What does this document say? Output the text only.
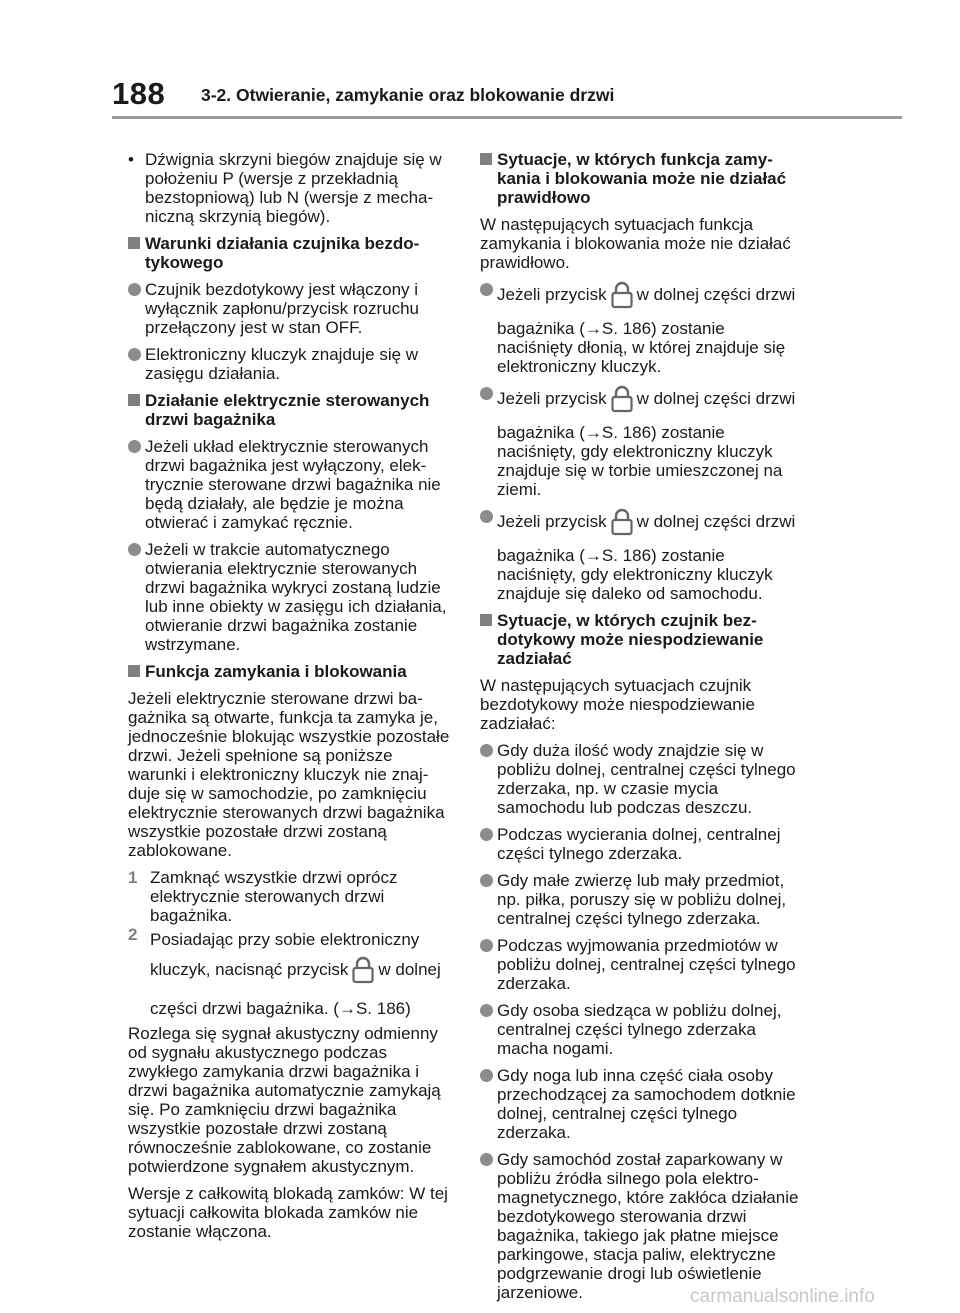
188 3-2. Otwieranie, zamykanie oraz blokowanie drzwi
• Dźwignia skrzyni biegów znajduje się w położeniu P (wersje z przekładnią bezstopniową) lub N (wersje z mechaniczną skrzynią biegów).
Warunki działania czujnika bezdotykowego
Czujnik bezdotykowy jest włączony i wyłącznik zapłonu/przycisk rozruchu przełączony jest w stan OFF.
Elektroniczny kluczyk znajduje się w zasięgu działania.
Działanie elektrycznie sterowanych drzwi bagażnika
Jeżeli układ elektrycznie sterowanych drzwi bagażnika jest wyłączony, elektrycznie sterowane drzwi bagażnika nie będą działały, ale będzie je można otwierać i zamykać ręcznie.
Jeżeli w trakcie automatycznego otwierania elektrycznie sterowanych drzwi bagażnika wykryci zostaną ludzie lub inne obiekty w zasięgu ich działania, otwieranie drzwi bagażnika zostanie wstrzymane.
Funkcja zamykania i blokowania
Jeżeli elektrycznie sterowane drzwi bagażnika są otwarte, funkcja ta zamyka je, jednocześnie blokując wszystkie pozostałe drzwi. Jeżeli spełnione są poniższe warunki i elektroniczny kluczyk nie znajduje się w samochodzie, po zamknięciu elektrycznie sterowanych drzwi bagażnika wszystkie pozostałe drzwi zostaną zablokowane.
1 Zamknąć wszystkie drzwi oprócz elektrycznie sterowanych drzwi bagażnika.
2 Posiadając przy sobie elektroniczny kluczyk, nacisnąć przycisk w dolnej części drzwi bagażnika. (→S. 186)
Rozlega się sygnał akustyczny odmienny od sygnału akustycznego podczas zwykłego zamykania drzwi bagażnika i drzwi bagażnika automatycznie zamykają się. Po zamknięciu drzwi bagażnika wszystkie pozostałe drzwi zostaną równocześnie zablokowane, co zostanie potwierdzone sygnałem akustycznym.
Wersje z całkowitą blokadą zamków: W tej sytuacji całkowita blokada zamków nie zostanie włączona.
Sytuacje, w których funkcja zamykania i blokowania może nie działać prawidłowo
W następujących sytuacjach funkcja zamykania i blokowania może nie działać prawidłowo.
Jeżeli przycisk w dolnej części drzwi bagażnika (→S. 186) zostanie naciśnięty dłonią, w której znajduje się elektroniczny kluczyk.
Jeżeli przycisk w dolnej części drzwi bagażnika (→S. 186) zostanie naciśnięty, gdy elektroniczny kluczyk znajduje się w torbie umieszczonej na ziemi.
Jeżeli przycisk w dolnej części drzwi bagażnika (→S. 186) zostanie naciśnięty, gdy elektroniczny kluczyk znajduje się daleko od samochodu.
Sytuacje, w których czujnik bezdotykowy może niespodziewanie zadziałać
W następujących sytuacjach czujnik bezdotykowy może niespodziewanie zadziałać:
Gdy duża ilość wody znajdzie się w pobliżu dolnej, centralnej części tylnego zderzaka, np. w czasie mycia samochodu lub podczas deszczu.
Podczas wycierania dolnej, centralnej części tylnego zderzaka.
Gdy małe zwierzę lub mały przedmiot, np. piłka, poruszy się w pobliżu dolnej, centralnej części tylnego zderzaka.
Podczas wyjmowania przedmiotów w pobliżu dolnej, centralnej części tylnego zderzaka.
Gdy osoba siedząca w pobliżu dolnej, centralnej części tylnego zderzaka macha nogami.
Gdy noga lub inna część ciała osoby przechodzącej za samochodem dotknie dolnej, centralnej części tylnego zderzaka.
Gdy samochód został zaparkowany w pobliżu źródła silnego pola elektromagnetycznego, które zakłóca działanie bezdotykowego sterowania drzwi bagażnika, takiego jak płatne miejsce parkingowe, stacja paliw, elektryczne podgrzewanie drogi lub oświetlenie jarzeniowe.	carmanualsonline.info
